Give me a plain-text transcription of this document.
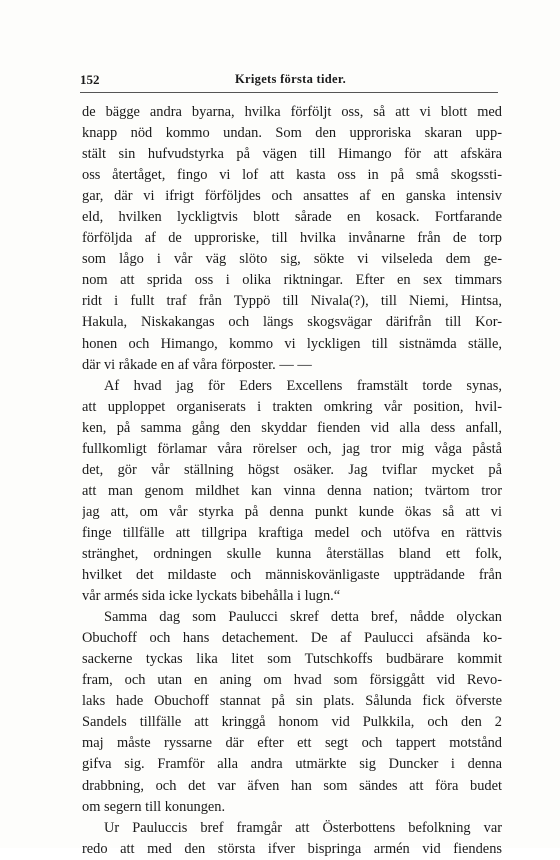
152	Krigets första tider.
de bägge andra byarna, hvilka förföljt oss, så att vi blott med
knapp nöd kommo undan. Som den upproriska skaran upp-
stält sin hufvudstyrka på vägen till Himango för att afskära
oss återtåget, fingo vi lof att kasta oss in på små skogssti-
gar, där vi ifrigt förföljdes och ansattes af en ganska intensiv
eld, hvilken lyckligtvis blott sårade en kosack. Fortfarande
förföljda af de upproriske, till hvilka invånarne från de torp
som lågo i vår väg slöto sig, sökte vi vilseleda dem ge-
nom att sprida oss i olika riktningar. Efter en sex timmars
ridt i fullt traf från Typpö till Nivala(?), till Niemi, Hintsa,
Hakula, Niskakangas och längs skogsvägar därifrån till Kor-
honen och Himango, kommo vi lyckligen till sistnämda ställe,
där vi råkade en af våra förposter. — —
Af hvad jag för Eders Excellens framstält torde synas,
att upploppet organiserats i trakten omkring vår position, hvil-
ken, på samma gång den skyddar fienden vid alla dess anfall,
fullkomligt förlamar våra rörelser och, jag tror mig våga påstå
det, gör vår ställning högst osäker. Jag tviflar mycket på
att man genom mildhet kan vinna denna nation; tvärtom tror
jag att, om vår styrka på denna punkt kunde ökas så att vi
finge tillfälle att tillgripa kraftiga medel och utöfva en rättvis
stränghet, ordningen skulle kunna återställas bland ett folk,
hvilket det mildaste och människovänligaste uppträdande från
vår armés sida icke lyckats bibehålla i lugn.“
Samma dag som Paulucci skref detta bref, nådde olyckan
Obuchoff och hans detachement. De af Paulucci afsända ko-
sackerne tyckas lika litet som Tutschkoffs budbärare kommit
fram, och utan en aning om hvad som försiggått vid Revo-
laks hade Obuchoff stannat på sin plats. Sålunda fick öfverste
Sandels tillfälle att kringgå honom vid Pulkkila, och den 2
maj måste ryssarne där efter ett segt och tappert motstånd
gifva sig. Framför alla andra utmärkte sig Duncker i denna
drabbning, och det var äfven han som sändes att föra budet
om segern till konungen.
Ur Pauluccis bref framgår att Österbottens befolkning var
redo att med den största ifver bispringa armén vid fiendens
